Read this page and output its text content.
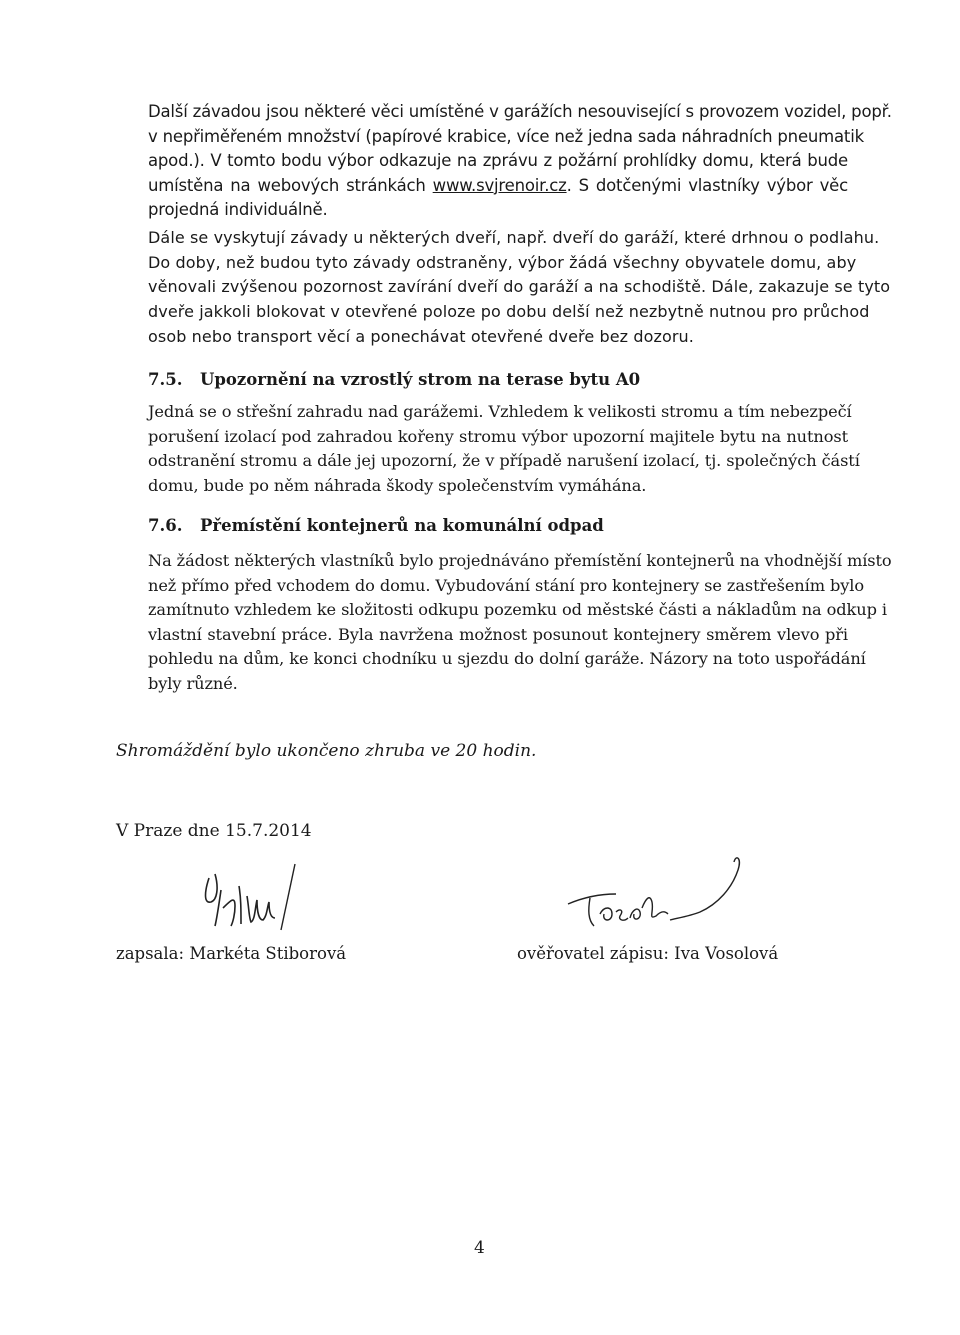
Další závadou jsou některé věci umístěné v garážích nesouvisející s provozem vozidel, popř.
v nepřiměřeném množství (papírové krabice, více než jedna sada náhradních pneumatik
apod.). V tomto bodu výbor odkazuje na zprávu z požární prohlídky domu, která bude
umístěna na webových stránkách www.svjrenoir.cz. S dotčenými vlastníky výbor věc
projedná individuálně.
Dále se vyskytují závady u některých dveří, např. dveří do garáží, které drhnou o podlahu.
Do doby, než budou tyto závady odstraněny, výbor žádá všechny obyvatele domu, aby
věnovali zvýšenou pozornost zavírání dveří do garáží a na schodiště. Dále, zakazuje se tyto
dveře jakkoli blokovat v otevřené poloze po dobu delší než nezbytně nutnou pro průchod
osob nebo transport věcí a ponechávat otevřené dveře bez dozoru.
7.5. Upozornění na vzrostlý strom na terase bytu A0
Jedná se o střešní zahradu nad garážemi. Vzhledem k velikosti stromu a tím nebezpečí
porušení izolací pod zahradou kořeny stromu výbor upozorní majitele bytu na nutnost
odstranění stromu a dále jej upozorní, že v případě narušení izolací, tj. společných částí
domu, bude po něm náhrada škody společenstvím vymáhána.
7.6. Přemístění kontejnerů na komunální odpad
Na žádost některých vlastníků bylo projednáváno přemístění kontejnerů na vhodnější místo
než přímo před vchodem do domu. Vybudování stání pro kontejnery se zastřešením bylo
zamítnuto vzhledem ke složitosti odkupu pozemku od městské části a nákladům na odkup i
vlastní stavební práce. Byla navržena možnost posunout kontejnery směrem vlevo při
pohledu na dům, ke konci chodníku u sjezdu do dolní garáže. Názory na toto uspořádání
byly různé.
Shromáždění bylo ukončeno zhruba ve 20 hodin.
V Praze dne 15.7.2014
zapsala: Markéta Stiborová	ověřovatel zápisu: Iva Vosolová
4
